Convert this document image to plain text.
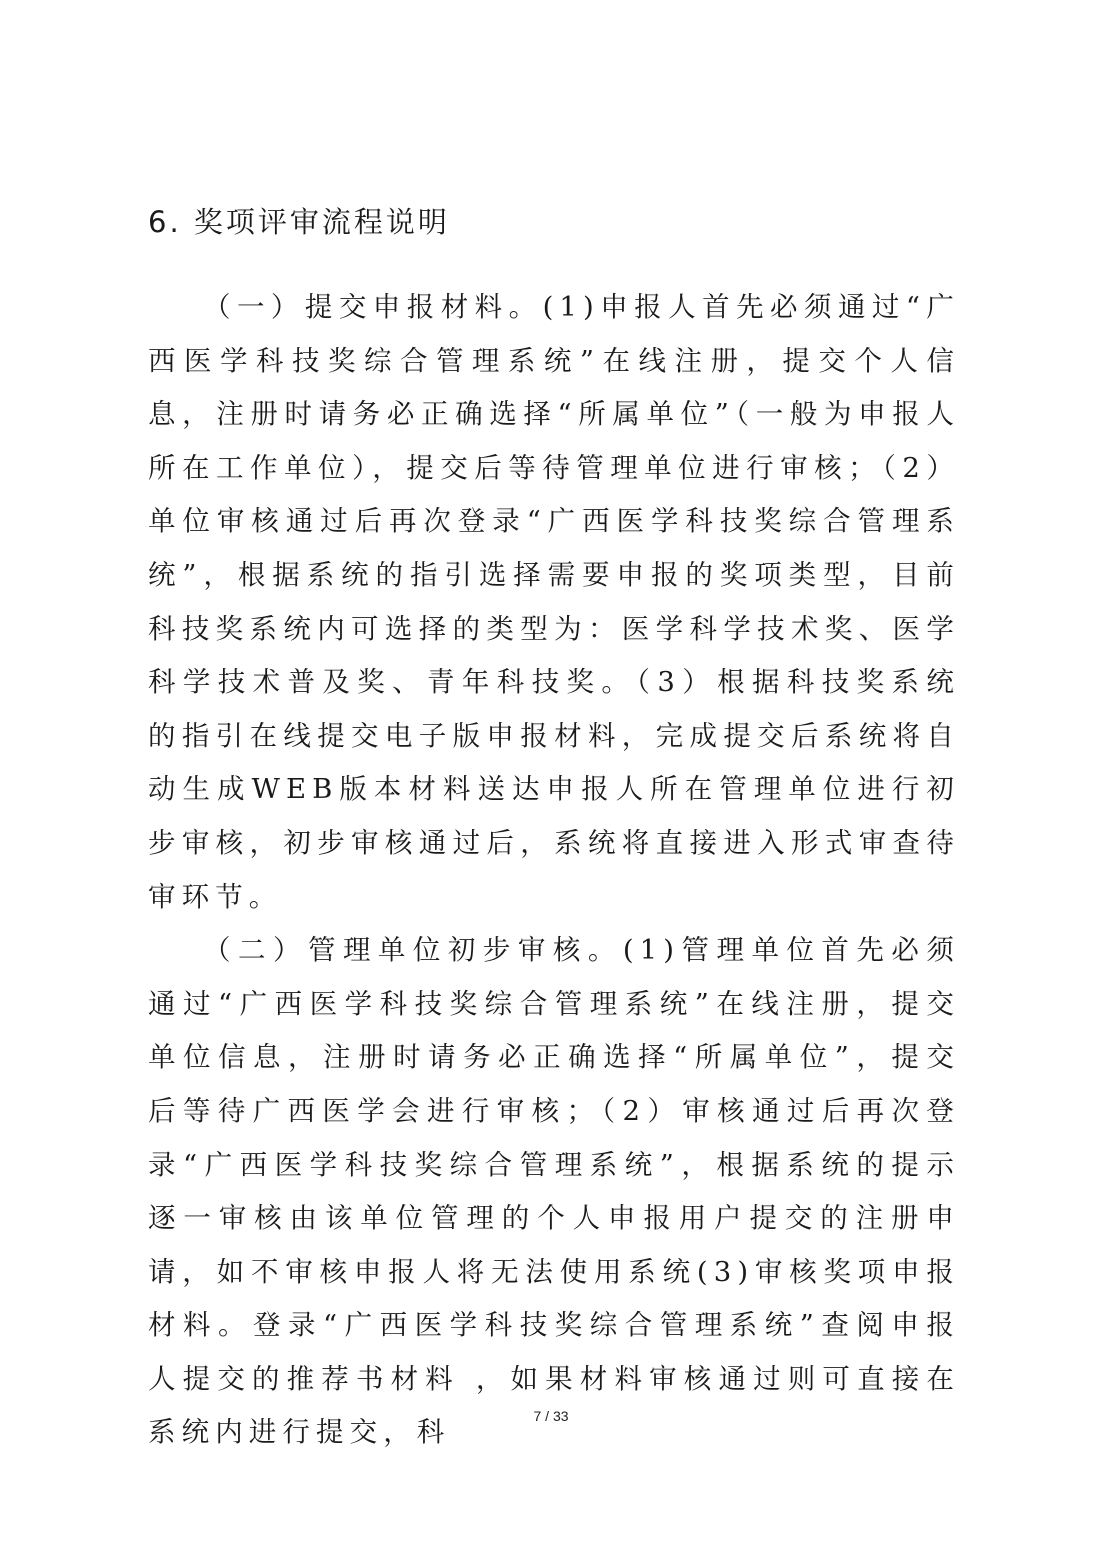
6. 奖项评审流程说明

（一）提交申报材料。(1)申报人首先必须通过“广西医学科技奖综合管理系统”在线注册，提交个人信息，注册时请务必正确选择“所属单位”（一般为申报人所在工作单位），提交后等待管理单位进行审核；（2）单位审核通过后再次登录“广西医学科技奖综合管理系统”，根据系统的指引选择需要申报的奖项类型，目前科技奖系统内可选择的类型为：医学科学技术奖、医学科学技术普及奖、青年科技奖。（3）根据科技奖系统的指引在线提交电子版申报材料，完成提交后系统将自动生成WEB版本材料送达申报人所在管理单位进行初步审核，初步审核通过后，系统将直接进入形式审查待审环节。

（二）管理单位初步审核。(1)管理单位首先必须通过“广西医学科技奖综合管理系统”在线注册，提交单位信息，注册时请务必正确选择“所属单位”，提交后等待广西医学会进行审核；（2）审核通过后再次登录“广西医学科技奖综合管理系统”，根据系统的提示逐一审核由该单位管理的个人申报用户提交的注册申请，如不审核申报人将无法使用系统(3)审核奖项申报材料。登录“广西医学科技奖综合管理系统”查阅申报人提交的推荐书材料 ，如果材料审核通过则可直接在系统内进行提交，科

7 / 33
